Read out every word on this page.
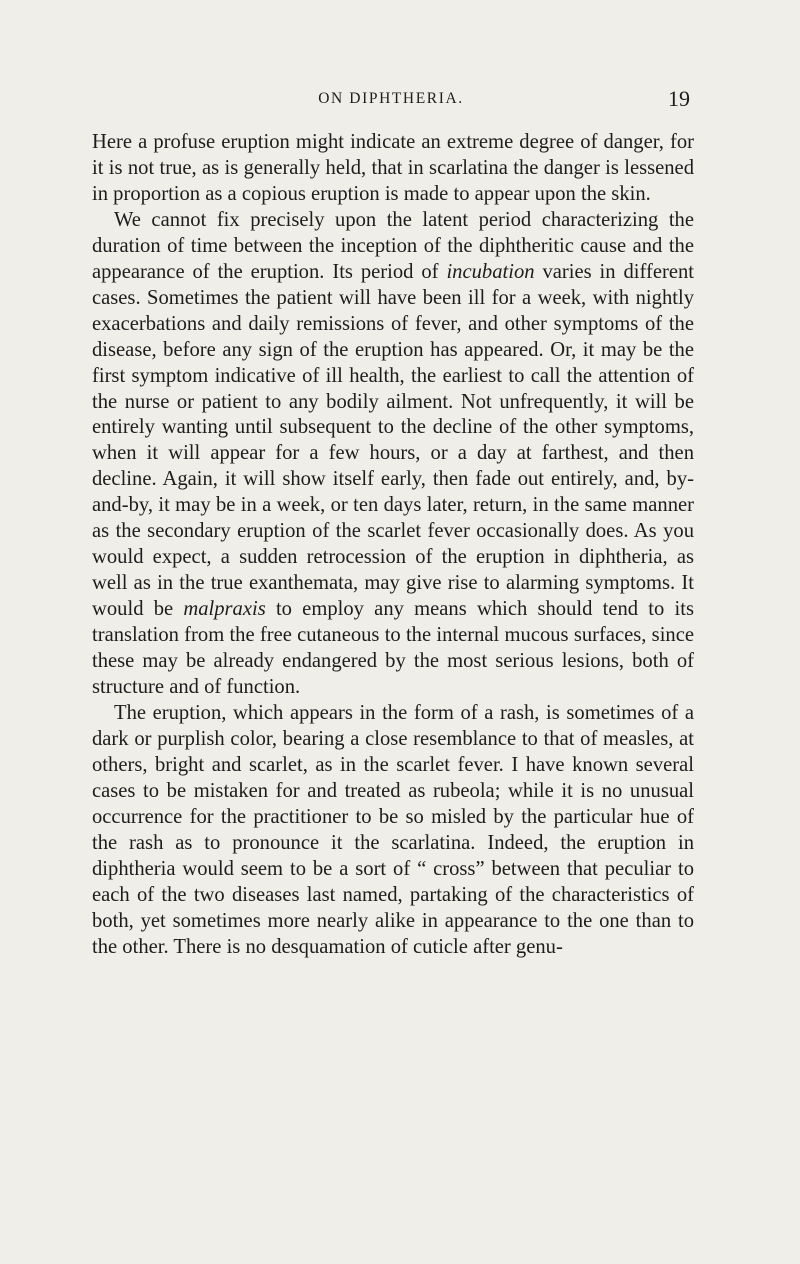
ON DIPHTHERIA.	19

Here a profuse eruption might indicate an extreme degree of danger, for it is not true, as is generally held, that in scarlatina the danger is lessened in proportion as a copious eruption is made to appear upon the skin.

We cannot fix precisely upon the latent period characterizing the duration of time between the inception of the diphtheritic cause and the appearance of the eruption. Its period of incubation varies in different cases. Sometimes the patient will have been ill for a week, with nightly exacerbations and daily remissions of fever, and other symptoms of the disease, before any sign of the eruption has appeared. Or, it may be the first symptom indicative of ill health, the earliest to call the attention of the nurse or patient to any bodily ailment. Not unfrequently, it will be entirely wanting until subsequent to the decline of the other symptoms, when it will appear for a few hours, or a day at farthest, and then decline. Again, it will show itself early, then fade out entirely, and, by-and-by, it may be in a week, or ten days later, return, in the same manner as the secondary eruption of the scarlet fever occasionally does. As you would expect, a sudden retrocession of the eruption in diphtheria, as well as in the true exanthemata, may give rise to alarming symptoms. It would be malpraxis to employ any means which should tend to its translation from the free cutaneous to the internal mucous surfaces, since these may be already endangered by the most serious lesions, both of structure and of function.

The eruption, which appears in the form of a rash, is sometimes of a dark or purplish color, bearing a close resemblance to that of measles, at others, bright and scarlet, as in the scarlet fever. I have known several cases to be mistaken for and treated as rubeola; while it is no unusual occurrence for the practitioner to be so misled by the particular hue of the rash as to pronounce it the scarlatina. Indeed, the eruption in diphtheria would seem to be a sort of “ cross” between that peculiar to each of the two diseases last named, partaking of the characteristics of both, yet sometimes more nearly alike in appearance to the one than to the other. There is no desquamation of cuticle after genu-
